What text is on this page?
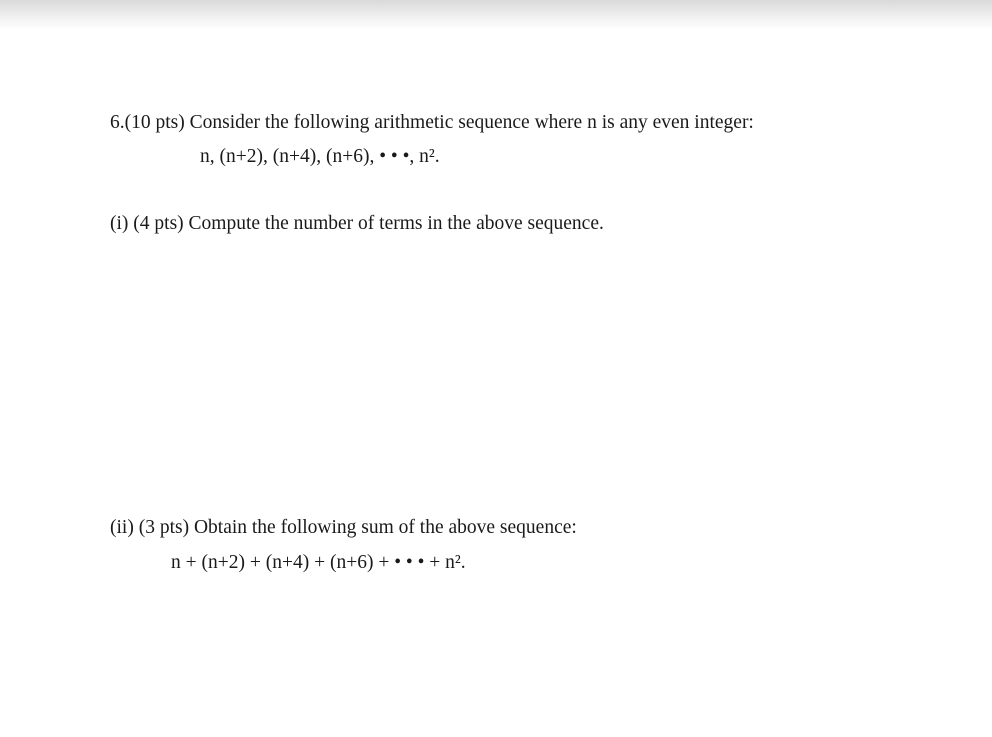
6.(10 pts) Consider the following arithmetic sequence where n is any even integer:
n, (n+2), (n+4), (n+6), • • •, n².
(i) (4 pts) Compute the number of terms in the above sequence.
(ii) (3 pts) Obtain the following sum of the above sequence:
n + (n+2) + (n+4) + (n+6) + • • • + n².
